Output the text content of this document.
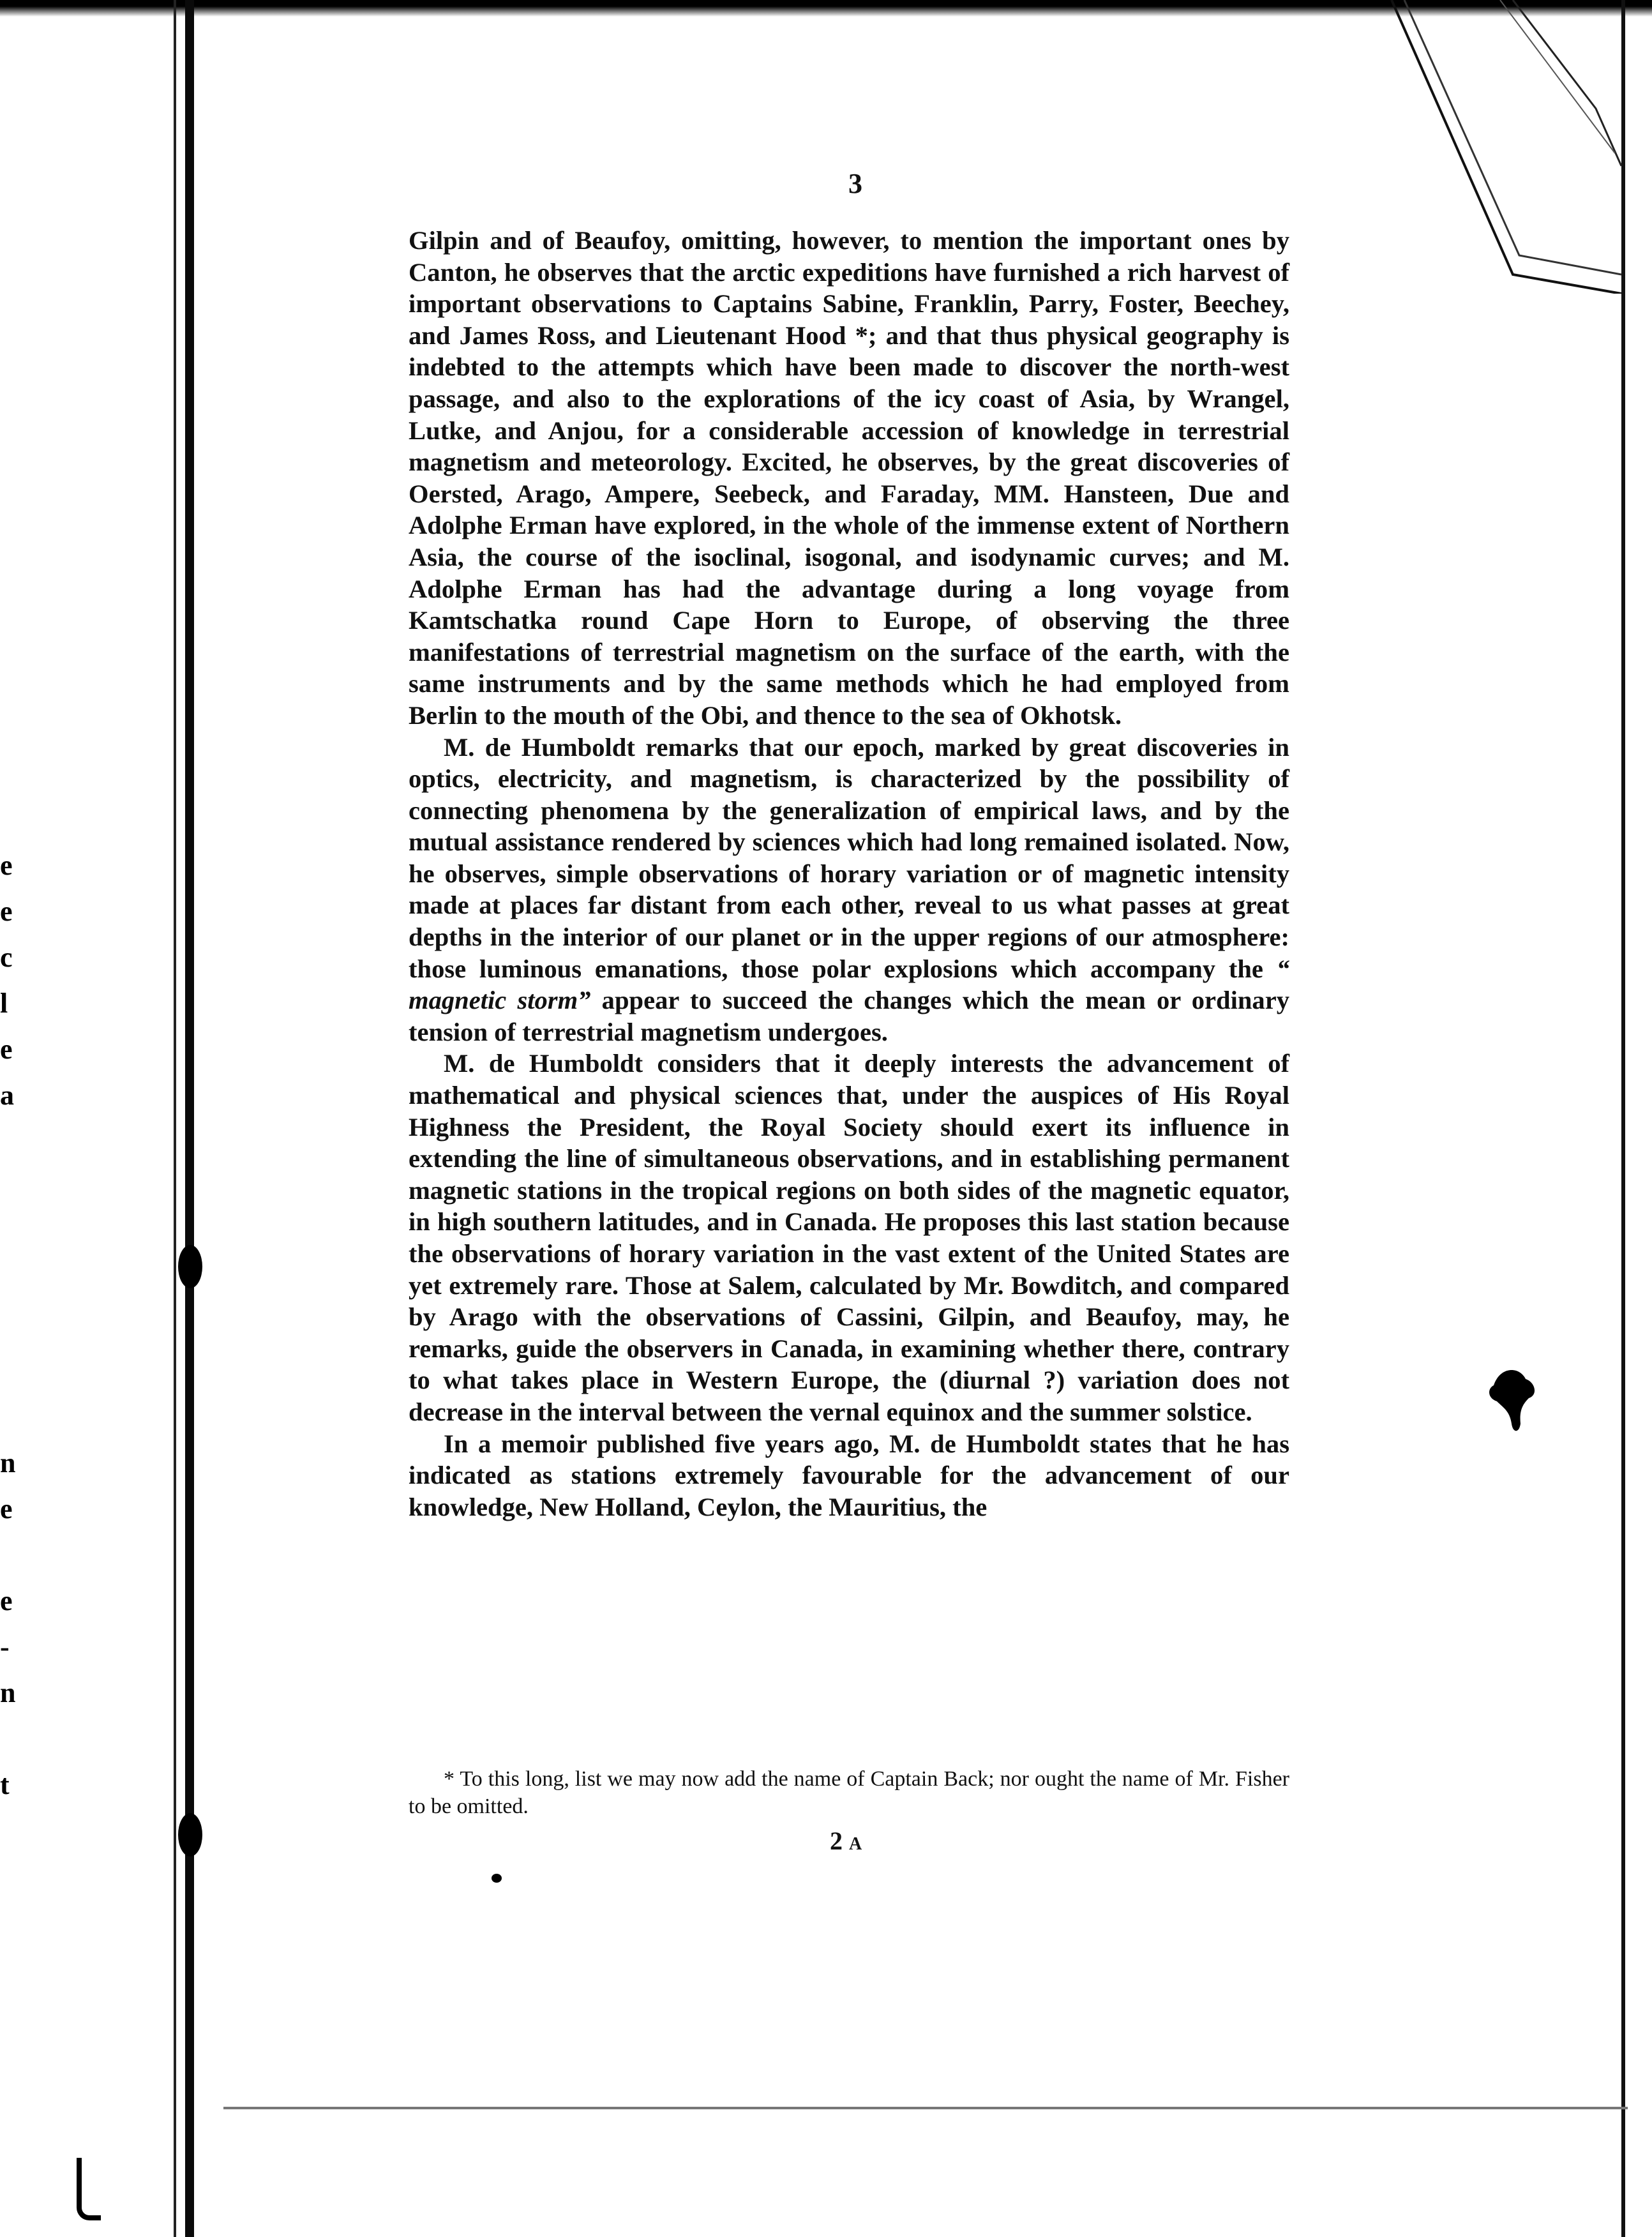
e
e
c
l
e
a
n
e
e
-
n
t
3

Gilpin and of Beaufoy, omitting, however, to mention the important ones by Canton, he observes that the arctic expeditions have furnished a rich harvest of important observations to Captains Sabine, Franklin, Parry, Foster, Beechey, and James Ross, and Lieutenant Hood *; and that thus physical geography is indebted to the attempts which have been made to discover the north-west passage, and also to the explorations of the icy coast of Asia, by Wrangel, Lutke, and Anjou, for a considerable accession of knowledge in terrestrial magnetism and meteorology. Excited, he observes, by the great discoveries of Oersted, Arago, Ampere, Seebeck, and Faraday, MM. Hansteen, Due and Adolphe Erman have explored, in the whole of the immense extent of Northern Asia, the course of the isoclinal, isogonal, and isodynamic curves; and M. Adolphe Erman has had the advantage during a long voyage from Kamtschatka round Cape Horn to Europe, of observing the three manifestations of terrestrial magnetism on the surface of the earth, with the same instruments and by the same methods which he had employed from Berlin to the mouth of the Obi, and thence to the sea of Okhotsk.

M. de Humboldt remarks that our epoch, marked by great discoveries in optics, electricity, and magnetism, is characterized by the possibility of connecting phenomena by the generalization of empirical laws, and by the mutual assistance rendered by sciences which had long remained isolated. Now, he observes, simple observations of horary variation or of magnetic intensity made at places far distant from each other, reveal to us what passes at great depths in the interior of our planet or in the upper regions of our atmosphere: those luminous emanations, those polar explosions which accompany the “ magnetic storm” appear to succeed the changes which the mean or ordinary tension of terrestrial magnetism undergoes.

M. de Humboldt considers that it deeply interests the advancement of mathematical and physical sciences that, under the auspices of His Royal Highness the President, the Royal Society should exert its influence in extending the line of simultaneous observations, and in establishing permanent magnetic stations in the tropical regions on both sides of the magnetic equator, in high southern latitudes, and in Canada. He proposes this last station because the observations of horary variation in the vast extent of the United States are yet extremely rare. Those at Salem, calculated by Mr. Bowditch, and compared by Arago with the observations of Cassini, Gilpin, and Beaufoy, may, he remarks, guide the observers in Canada, in examining whether there, contrary to what takes place in Western Europe, the (diurnal ?) variation does not decrease in the interval between the vernal equinox and the summer solstice.

In a memoir published five years ago, M. de Humboldt states that he has indicated as stations extremely favourable for the advancement of our knowledge, New Holland, Ceylon, the Mauritius, the

* To this long, list we may now add the name of Captain Back; nor ought the name of Mr. Fisher to be omitted.

2 A
